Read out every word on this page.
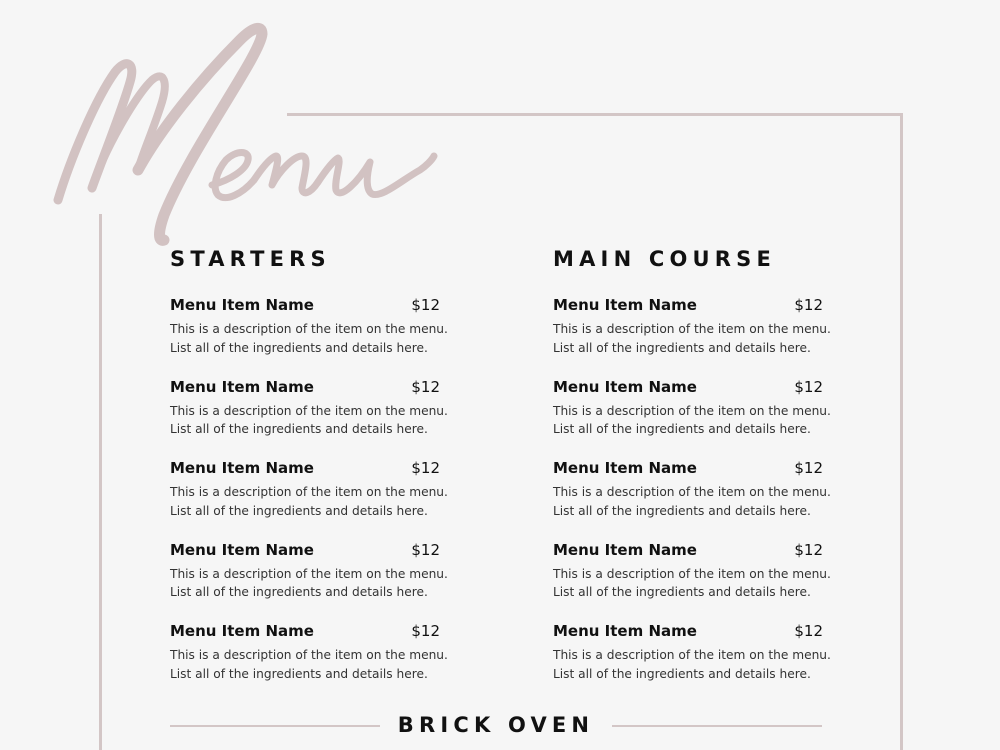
STARTERS
Menu Item Name	$12
This is a description of the item on the menu.
List all of the ingredients and details here.
Menu Item Name	$12
This is a description of the item on the menu.
List all of the ingredients and details here.
Menu Item Name	$12
This is a description of the item on the menu.
List all of the ingredients and details here.
Menu Item Name	$12
This is a description of the item on the menu.
List all of the ingredients and details here.
Menu Item Name	$12
This is a description of the item on the menu.
List all of the ingredients and details here.
MAIN COURSE
Menu Item Name	$12
This is a description of the item on the menu.
List all of the ingredients and details here.
Menu Item Name	$12
This is a description of the item on the menu.
List all of the ingredients and details here.
Menu Item Name	$12
This is a description of the item on the menu.
List all of the ingredients and details here.
Menu Item Name	$12
This is a description of the item on the menu.
List all of the ingredients and details here.
Menu Item Name	$12
This is a description of the item on the menu.
List all of the ingredients and details here.
BRICK OVEN
